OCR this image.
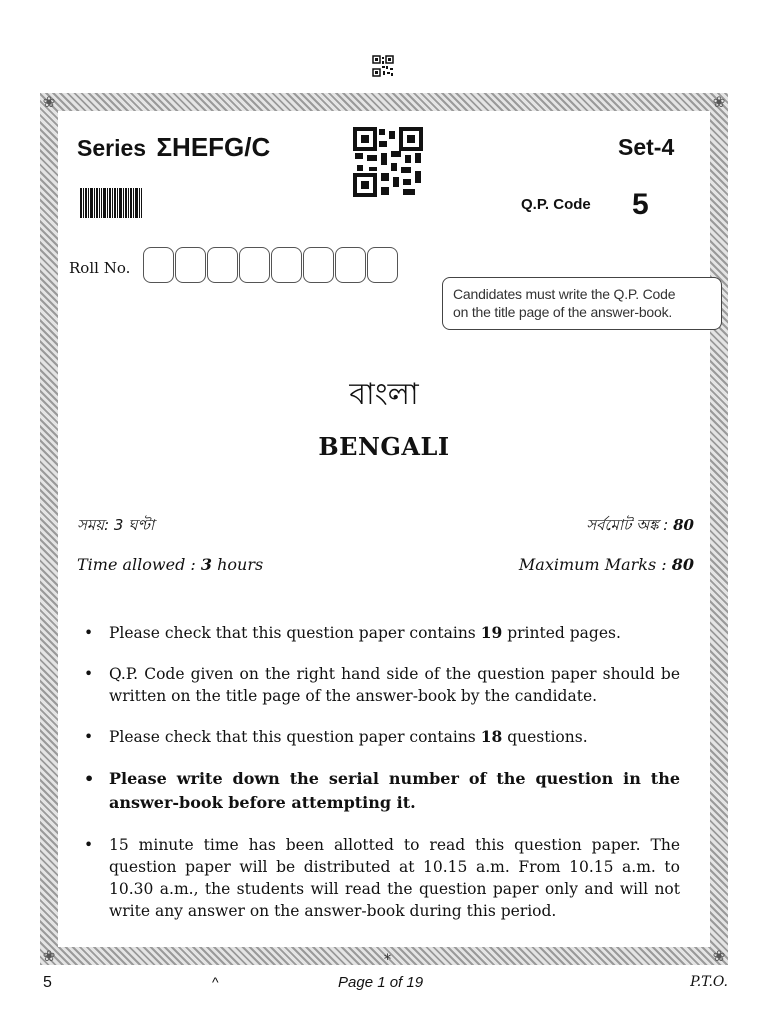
❀	❀
❀	❀
Series ΣHEFG/C	Set-4
Q.P. Code 5
Roll No.
Candidates must write the Q.P. Code
on the title page of the answer-book.
বাংলা
BENGALI
সময়: 3 ঘণ্টা	সর্বমোট অঙ্ক : 80
Time allowed : 3 hours	Maximum Marks : 80
• Please check that this question paper contains 19 printed pages.
• Q.P. Code given on the right hand side of the question paper should be written on the title page of the answer-book by the candidate.
• Please check that this question paper contains 18 questions.
• Please write down the serial number of the question in the answer-book before attempting it.
• 15 minute time has been allotted to read this question paper. The question paper will be distributed at 10.15 a.m. From 10.15 a.m. to 10.30 a.m., the students will read the question paper only and will not write any answer on the answer-book during this period.
*
5	^	Page 1 of 19	P.T.O.
